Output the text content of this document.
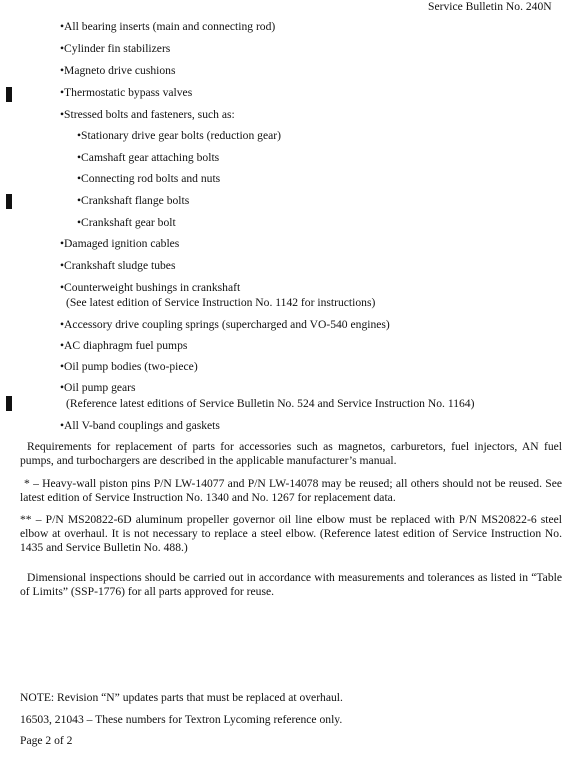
Service Bulletin No. 240N
•All bearing inserts (main and connecting rod)
•Cylinder fin stabilizers
•Magneto drive cushions
•Thermostatic bypass valves
•Stressed bolts and fasteners, such as:
•Stationary drive gear bolts (reduction gear)
•Camshaft gear attaching bolts
•Connecting rod bolts and nuts
•Crankshaft flange bolts
•Crankshaft gear bolt
•Damaged ignition cables
•Crankshaft sludge tubes
•Counterweight bushings in crankshaft
(See latest edition of Service Instruction No. 1142 for instructions)
•Accessory drive coupling springs (supercharged and VO-540 engines)
•AC diaphragm fuel pumps
•Oil pump bodies (two-piece)
•Oil pump gears
(Reference latest editions of Service Bulletin No. 524 and Service Instruction No. 1164)
•All V-band couplings and gaskets
Requirements for replacement of parts for accessories such as magnetos, carburetors, fuel injectors, AN fuel pumps, and turbochargers are described in the applicable manufacturer’s manual.
* – Heavy-wall piston pins P/N LW-14077 and P/N LW-14078 may be reused; all others should not be reused. See latest edition of Service Instruction No. 1340 and No. 1267 for replacement data.
** – P/N MS20822-6D aluminum propeller governor oil line elbow must be replaced with P/N MS20822-6 steel elbow at overhaul. It is not necessary to replace a steel elbow. (Reference latest edition of Service Instruction No. 1435 and Service Bulletin No. 488.)
Dimensional inspections should be carried out in accordance with measurements and tolerances as listed in “Table of Limits” (SSP-1776) for all parts approved for reuse.
NOTE: Revision “N” updates parts that must be replaced at overhaul.
16503, 21043 – These numbers for Textron Lycoming reference only.
Page 2 of 2
